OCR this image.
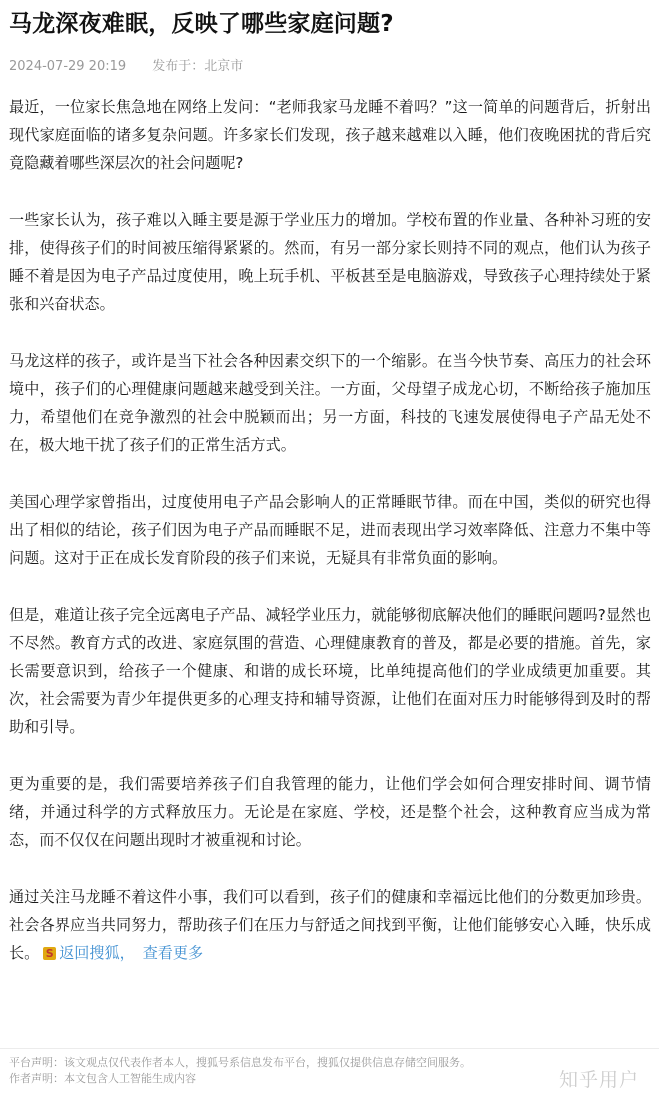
马龙深夜难眠，反映了哪些家庭问题?
2024-07-29 20:19 发布于：北京市

最近，一位家长焦急地在网络上发问：“老师我家马龙睡不着吗？”这一简单的问题背后，折射出现代家庭面临的诸多复杂问题。许多家长们发现，孩子越来越难以入睡，他们夜晚困扰的背后究竟隐藏着哪些深层次的社会问题呢?

一些家长认为，孩子难以入睡主要是源于学业压力的增加。学校布置的作业量、各种补习班的安排，使得孩子们的时间被压缩得紧紧的。然而，有另一部分家长则持不同的观点，他们认为孩子睡不着是因为电子产品过度使用，晚上玩手机、平板甚至是电脑游戏，导致孩子心理持续处于紧张和兴奋状态。

马龙这样的孩子，或许是当下社会各种因素交织下的一个缩影。在当今快节奏、高压力的社会环境中，孩子们的心理健康问题越来越受到关注。一方面，父母望子成龙心切，不断给孩子施加压力，希望他们在竞争激烈的社会中脱颖而出；另一方面，科技的飞速发展使得电子产品无处不在，极大地干扰了孩子们的正常生活方式。

美国心理学家曾指出，过度使用电子产品会影响人的正常睡眠节律。而在中国，类似的研究也得出了相似的结论，孩子们因为电子产品而睡眠不足，进而表现出学习效率降低、注意力不集中等问题。这对于正在成长发育阶段的孩子们来说，无疑具有非常负面的影响。

但是，难道让孩子完全远离电子产品、减轻学业压力，就能够彻底解决他们的睡眠问题吗?显然也不尽然。教育方式的改进、家庭氛围的营造、心理健康教育的普及，都是必要的措施。首先，家长需要意识到，给孩子一个健康、和谐的成长环境，比单纯提高他们的学业成绩更加重要。其次，社会需要为青少年提供更多的心理支持和辅导资源，让他们在面对压力时能够得到及时的帮助和引导。

更为重要的是，我们需要培养孩子们自我管理的能力，让他们学会如何合理安排时间、调节情绪，并通过科学的方式释放压力。无论是在家庭、学校，还是整个社会，这种教育应当成为常态，而不仅仅在问题出现时才被重视和讨论。

通过关注马龙睡不着这件小事，我们可以看到，孩子们的健康和幸福远比他们的分数更加珍贵。社会各界应当共同努力，帮助孩子们在压力与舒适之间找到平衡，让他们能够安心入睡，快乐成长。 S 返回搜狐， 查看更多

平台声明：该文观点仅代表作者本人，搜狐号系信息发布平台，搜狐仅提供信息存储空间服务。
作者声明：本文包含人工智能生成内容	知乎用户
